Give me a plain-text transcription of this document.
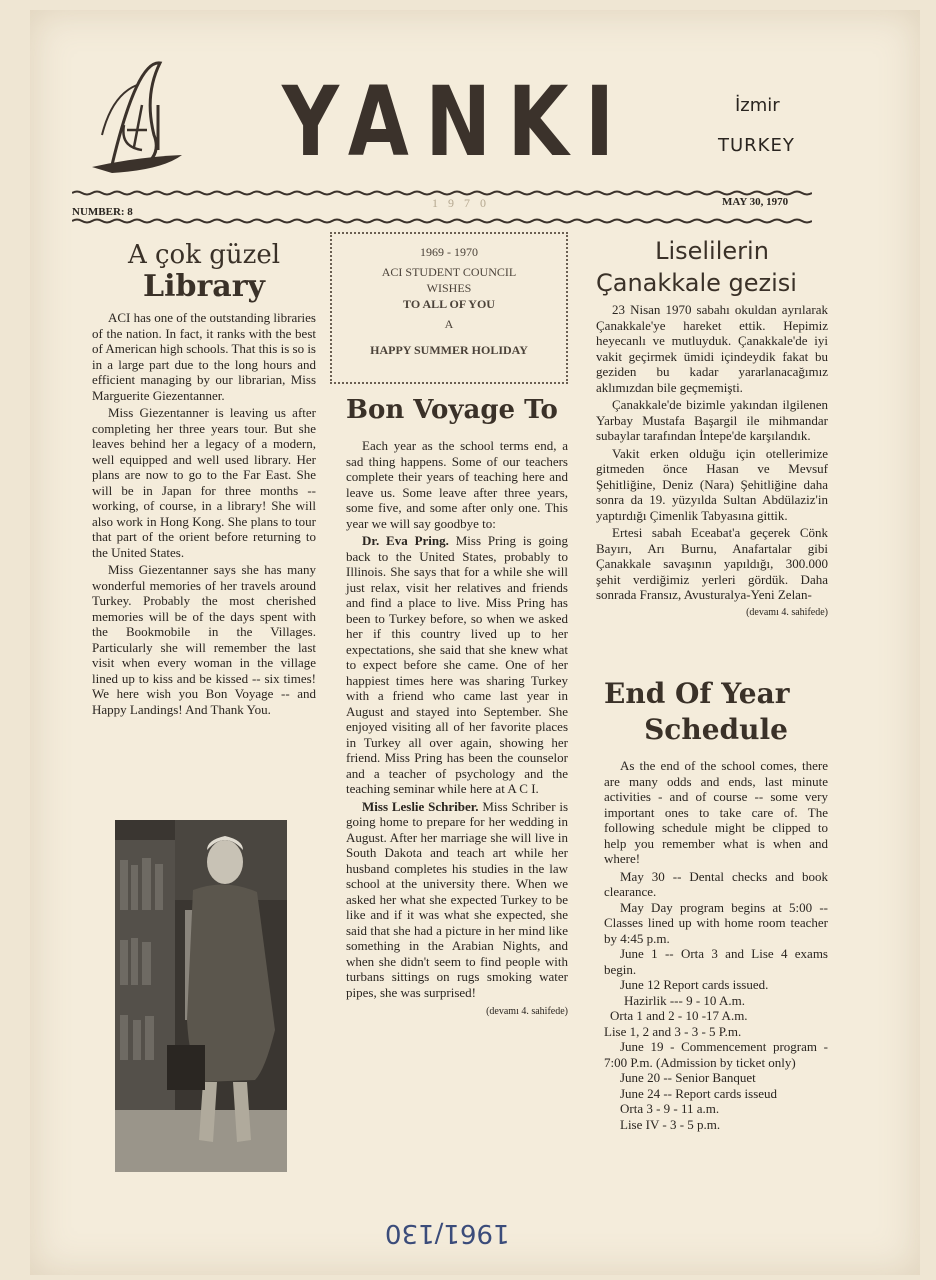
YANKI	İzmir
TURKEY
NUMBER: 8
1970	MAY 30, 1970
A çok güzel
Library

ACI has one of the outstanding libraries of the nation. In fact, it ranks with the best of American high schools. That this is so is in a large part due to the long hours and efficient managing by our librarian, Miss Marguerite Giezentanner.

Miss Giezentanner is leaving us after completing her three years tour. But she leaves behind her a legacy of a modern, well equipped and well used library. Her plans are now to go to the Far East. She will be in Japan for three months -- working, of course, in a library! She will also work in Hong Kong. She plans to tour that part of the orient before returning to the United States.

Miss Giezentanner says she has many wonderful memories of her travels around Turkey. Probably the most cherished memories will be of the days spent with the Bookmobile in the Villages. Particularly she will remember the last visit when every woman in the village lined up to kiss and be kissed -- six times! We here wish you Bon Voyage -- and Happy Landings! And Thank You.

1969 - 1970
ACI STUDENT COUNCIL
WISHES
TO ALL OF YOU
A
HAPPY SUMMER HOLIDAY
Bon Voyage To

Each year as the school terms end, a sad thing happens. Some of our teachers complete their years of teaching here and leave us. Some leave after three years, some five, and some after only one. This year we will say goodbye to:

Dr. Eva Pring. Miss Pring is going back to the United States, probably to Illinois. She says that for a while she will just relax, visit her relatives and friends and find a place to live. Miss Pring has been to Turkey before, so when we asked her if this country lived up to her expectations, she said that she knew what to expect before she came. One of her happiest times here was sharing Turkey with a friend who came last year in August and stayed into September. She enjoyed visiting all of her favorite places in Turkey all over again, showing her friend. Miss Pring has been the counselor and a teacher of psychology and the teaching seminar while here at A C I.

Miss Leslie Schriber. Miss Schriber is going home to prepare for her wedding in August. After her marriage she will live in South Dakota and teach art while her husband completes his studies in the law school at the university there. When we asked her what she expected Turkey to be like and if it was what she expected, she said that she had a picture in her mind like something in the Arabian Nights, and when she didn't seem to find people with turbans sittings on rugs smoking water pipes, she was surprised!

(devamı 4. sahifede)
Liselilerin
Çanakkale gezisi

23 Nisan 1970 sabahı okuldan ayrılarak Çanakkale'ye hareket ettik. Hepimiz heyecanlı ve mutluyduk. Çanakkale'de iyi vakit geçirmek ümidi içindeydik fakat bu geziden bu kadar yararlanacağımız aklımızdan bile geçmemişti.

Çanakkale'de bizimle yakından ilgilenen Yarbay Mustafa Başargil ile mihmandar subaylar tarafından İntepe'de karşılandık.

Vakit erken olduğu için otellerimize gitmeden önce Hasan ve Mevsuf Şehitliğine, Deniz (Nara) Şehitliğine daha sonra da 19. yüzyılda Sultan Abdülaziz'in yaptırdığı Çimenlik Tabyasına gittik.

Ertesi sabah Eceabat'a geçerek Cönk Bayırı, Arı Burnu, Anafartalar gibi Çanakkale savaşının yapıldığı, 300.000 şehit verdiğimiz yerleri gördük. Daha sonrada Fransız, Avusturalya-Yeni Zelan-

(devamı 4. sahifede)
End Of Year
Schedule

As the end of the school comes, there are many odds and ends, last minute activities - and of course -- some very important ones to take care of. The following schedule might be clipped to help you remember what is when and where!

May 30 -- Dental checks and book clearance.

May Day program begins at 5:00 -- Classes lined up with home room teacher by 4:45 p.m.

June 1 -- Orta 3 and Lise 4 exams begin.

June 12 Report cards issued.

Hazirlik --- 9 - 10 A.m.

Orta 1 and 2 - 10 -17 A.m.

Lise 1, 2 and 3 - 3 - 5 P.m.

June 19 - Commencement program - 7:00 P.m. (Admission by ticket only)

June 20 -- Senior Banquet

June 24 -- Report cards isseud

Orta 3 - 9 - 11 a.m.

Lise IV - 3 - 5 p.m.

1961/130
